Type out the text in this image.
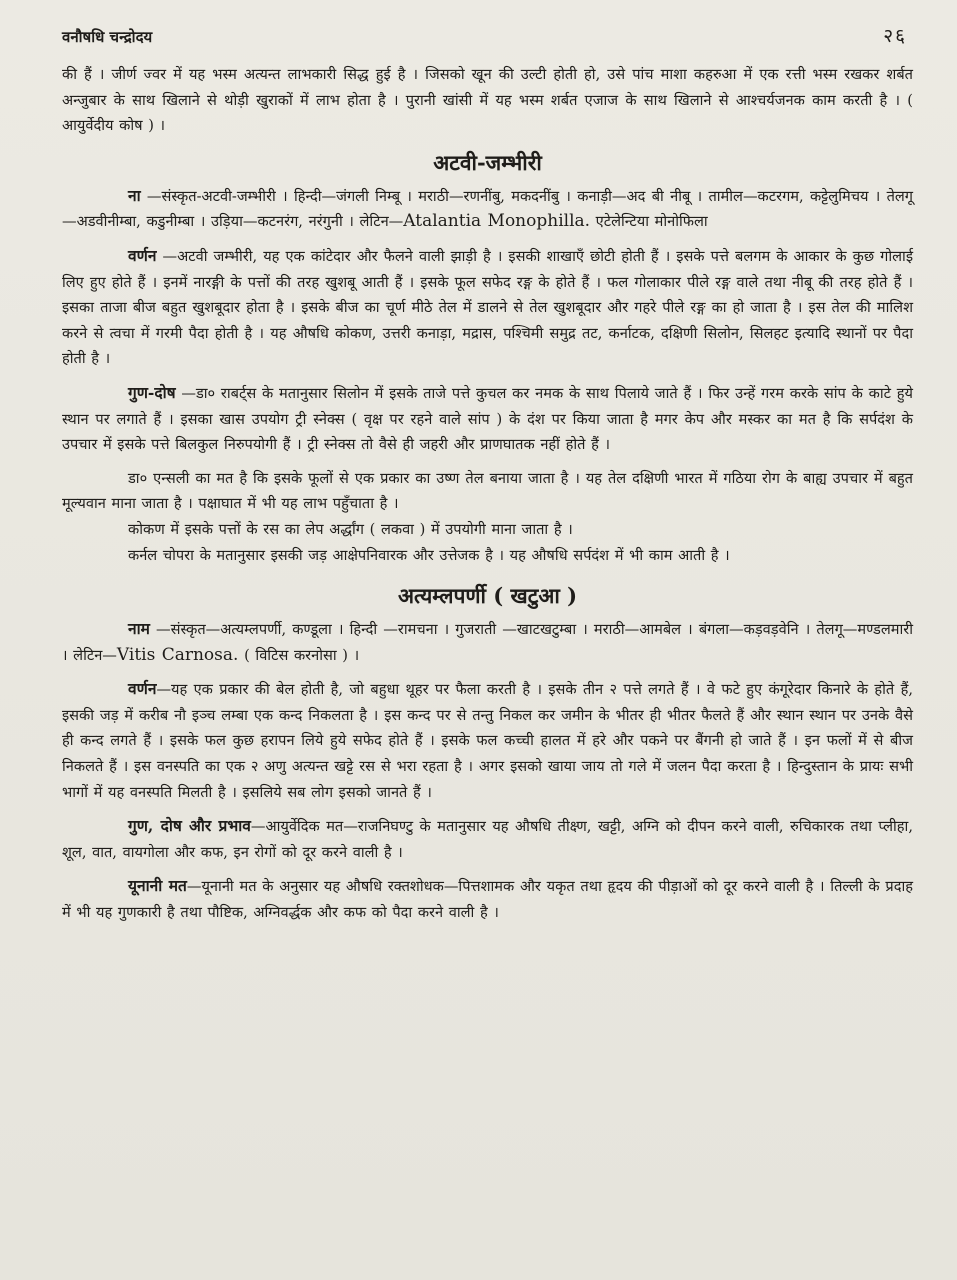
वनौषधि चन्द्रोदय	२६

की हैं । जीर्ण ज्वर में यह भस्म अत्यन्त लाभकारी सिद्ध हुई है । जिसको खून की उल्टी होती हो, उसे पांच माशा कहरुआ में एक रत्ती भस्म रखकर शर्बत अन्जुबार के साथ खिलाने से थोड़ी खुराकों में लाभ होता है । पुरानी खांसी में यह भस्म शर्बत एजाज के साथ खिलाने से आश्चर्यजनक काम करती है । ( आयुर्वेदीय कोष ) ।

अटवी-जम्भीरी

ना —संस्कृत-अटवी-जम्भीरी । हिन्दी—जंगली निम्बू । मराठी—रणनींबु, मकदनींबु । कनाड़ी—अद बी नीबू । तामील—कटरगम, कट्टेलुमिचय । तेलगू—अडवीनीम्बा, कडुनीम्बा । उड़िया—कटनरंग, नरंगुनी । लेटिन—Atalantia Monophilla. एटेलेन्टिया मोनोफिला

वर्णन —अटवी जम्भीरी, यह एक कांटेदार और फैलने वाली झाड़ी है । इसकी शाखाएँ छोटी होती हैं । इसके पत्ते बलगम के आकार के कुछ गोलाई लिए हुए होते हैं । इनमें नारङ्गी के पत्तों की तरह खुशबू आती हैं । इसके फूल सफेद रङ्ग के होते हैं । फल गोलाकार पीले रङ्ग वाले तथा नीबू की तरह होते हैं । इसका ताजा बीज बहुत खुशबूदार होता है । इसके बीज का चूर्ण मीठे तेल में डालने से तेल खुशबूदार और गहरे पीले रङ्ग का हो जाता है । इस तेल की मालिश करने से त्वचा में गरमी पैदा होती है । यह औषधि कोकण, उत्तरी कनाड़ा, मद्रास, पश्चिमी समुद्र तट, कर्नाटक, दक्षिणी सिलोन, सिलहट इत्यादि स्थानों पर पैदा होती है ।

गुण-दोष —डा० राबर्ट्स के मतानुसार सिलोन में इसके ताजे पत्ते कुचल कर नमक के साथ पिलाये जाते हैं । फिर उन्हें गरम करके सांप के काटे हुये स्थान पर लगाते हैं । इसका खास उपयोग ट्री स्नेक्स ( वृक्ष पर रहने वाले सांप ) के दंश पर किया जाता है मगर केप और मस्कर का मत है कि सर्पदंश के उपचार में इसके पत्ते बिलकुल निरुपयोगी हैं । ट्री स्नेक्स तो वैसे ही जहरी और प्राणघातक नहीं होते हैं ।

डा० एन्सली का मत है कि इसके फूलों से एक प्रकार का उष्ण तेल बनाया जाता है । यह तेल दक्षिणी भारत में गठिया रोग के बाह्य उपचार में बहुत मूल्यवान माना जाता है । पक्षाघात में भी यह लाभ पहुँचाता है ।

कोकण में इसके पत्तों के रस का लेप अर्द्धांग ( लकवा ) में उपयोगी माना जाता है ।

कर्नल चोपरा के मतानुसार इसकी जड़ आक्षेपनिवारक और उत्तेजक है । यह औषधि सर्पदंश में भी काम आती है ।

अत्यम्लपर्णी ( खटुआ )

नाम —संस्कृत—अत्यम्लपर्णी, कण्डूला । हिन्दी —रामचना । गुजराती —खाटखटुम्बा । मराठी—आमबेल । बंगला—कड़वड़वेनि । तेलगू—मण्डलमारी । लेटिन—Vitis Carnosa. ( विटिस करनोसा ) ।

वर्णन—यह एक प्रकार की बेल होती है, जो बहुधा थूहर पर फैला करती है । इसके तीन २ पत्ते लगते हैं । वे फटे हुए कंगूरेदार किनारे के होते हैं, इसकी जड़ में करीब नौ इञ्च लम्बा एक कन्द निकलता है । इस कन्द पर से तन्तु निकल कर जमीन के भीतर ही भीतर फैलते हैं और स्थान स्थान पर उनके वैसे ही कन्द लगते हैं । इसके फल कुछ हरापन लिये हुये सफेद होते हैं । इसके फल कच्ची हालत में हरे और पकने पर बैंगनी हो जाते हैं । इन फलों में से बीज निकलते हैं । इस वनस्पति का एक २ अणु अत्यन्त खट्टे रस से भरा रहता है । अगर इसको खाया जाय तो गले में जलन पैदा करता है । हिन्दुस्तान के प्रायः सभी भागों में यह वनस्पति मिलती है । इसलिये सब लोग इसको जानते हैं ।

गुण, दोष और प्रभाव—आयुर्वेदिक मत—राजनिघण्टु के मतानुसार यह औषधि तीक्ष्ण, खट्टी, अग्नि को दीपन करने वाली, रुचिकारक तथा प्लीहा, शूल, वात, वायगोला और कफ, इन रोगों को दूर करने वाली है ।

यूनानी मत—यूनानी मत के अनुसार यह औषधि रक्तशोधक—पित्तशामक और यकृत तथा हृदय की पीड़ाओं को दूर करने वाली है । तिल्ली के प्रदाह में भी यह गुणकारी है तथा पौष्टिक, अग्निवर्द्धक और कफ को पैदा करने वाली है ।
